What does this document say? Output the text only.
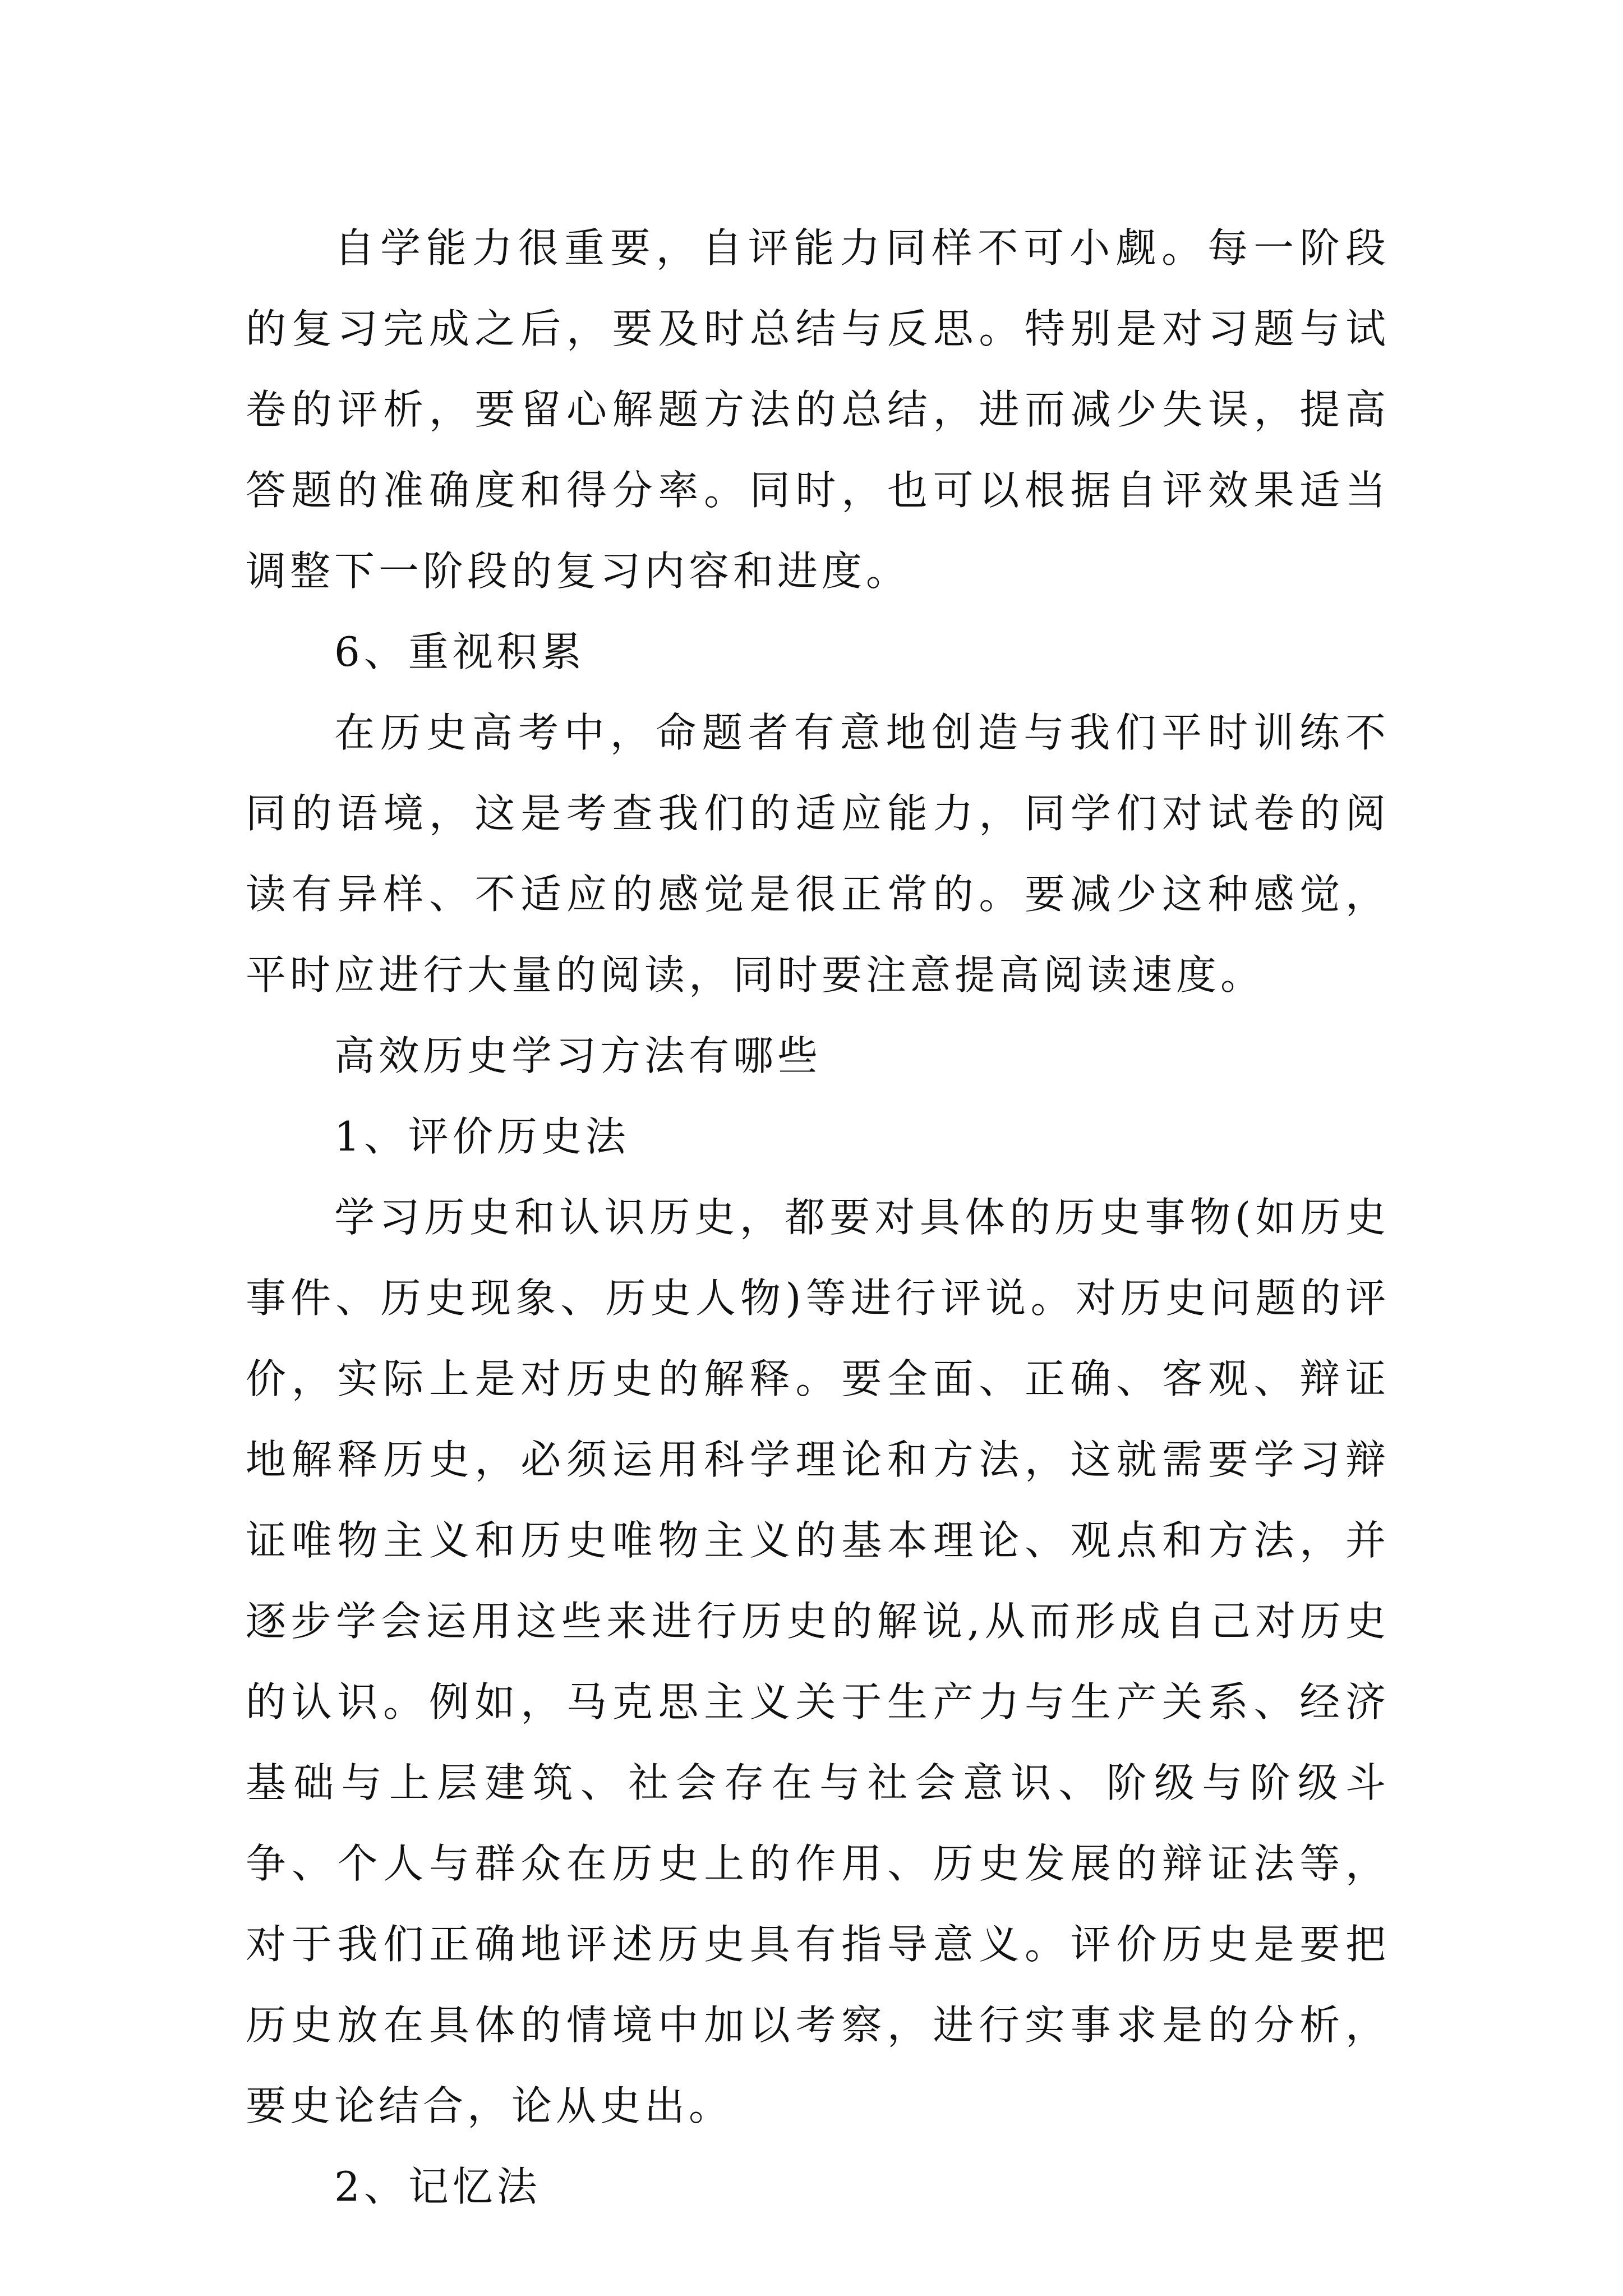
自学能力很重要，自评能力同样不可小觑。每一阶段的复习完成之后，要及时总结与反思。特别是对习题与试卷的评析，要留心解题方法的总结，进而减少失误，提高答题的准确度和得分率。同时，也可以根据自评效果适当调整下一阶段的复习内容和进度。

6、重视积累

在历史高考中，命题者有意地创造与我们平时训练不同的语境，这是考查我们的适应能力，同学们对试卷的阅读有异样、不适应的感觉是很正常的。要减少这种感觉，平时应进行大量的阅读，同时要注意提高阅读速度。

高效历史学习方法有哪些

1、评价历史法

学习历史和认识历史，都要对具体的历史事物(如历史事件、历史现象、历史人物)等进行评说。对历史问题的评价，实际上是对历史的解释。要全面、正确、客观、辩证地解释历史，必须运用科学理论和方法，这就需要学习辩证唯物主义和历史唯物主义的基本理论、观点和方法，并逐步学会运用这些来进行历史的解说,从而形成自己对历史的认识。例如，马克思主义关于生产力与生产关系、经济基础与上层建筑、社会存在与社会意识、阶级与阶级斗争、个人与群众在历史上的作用、历史发展的辩证法等，对于我们正确地评述历史具有指导意义。评价历史是要把历史放在具体的情境中加以考察，进行实事求是的分析，要史论结合，论从史出。

2、记忆法
